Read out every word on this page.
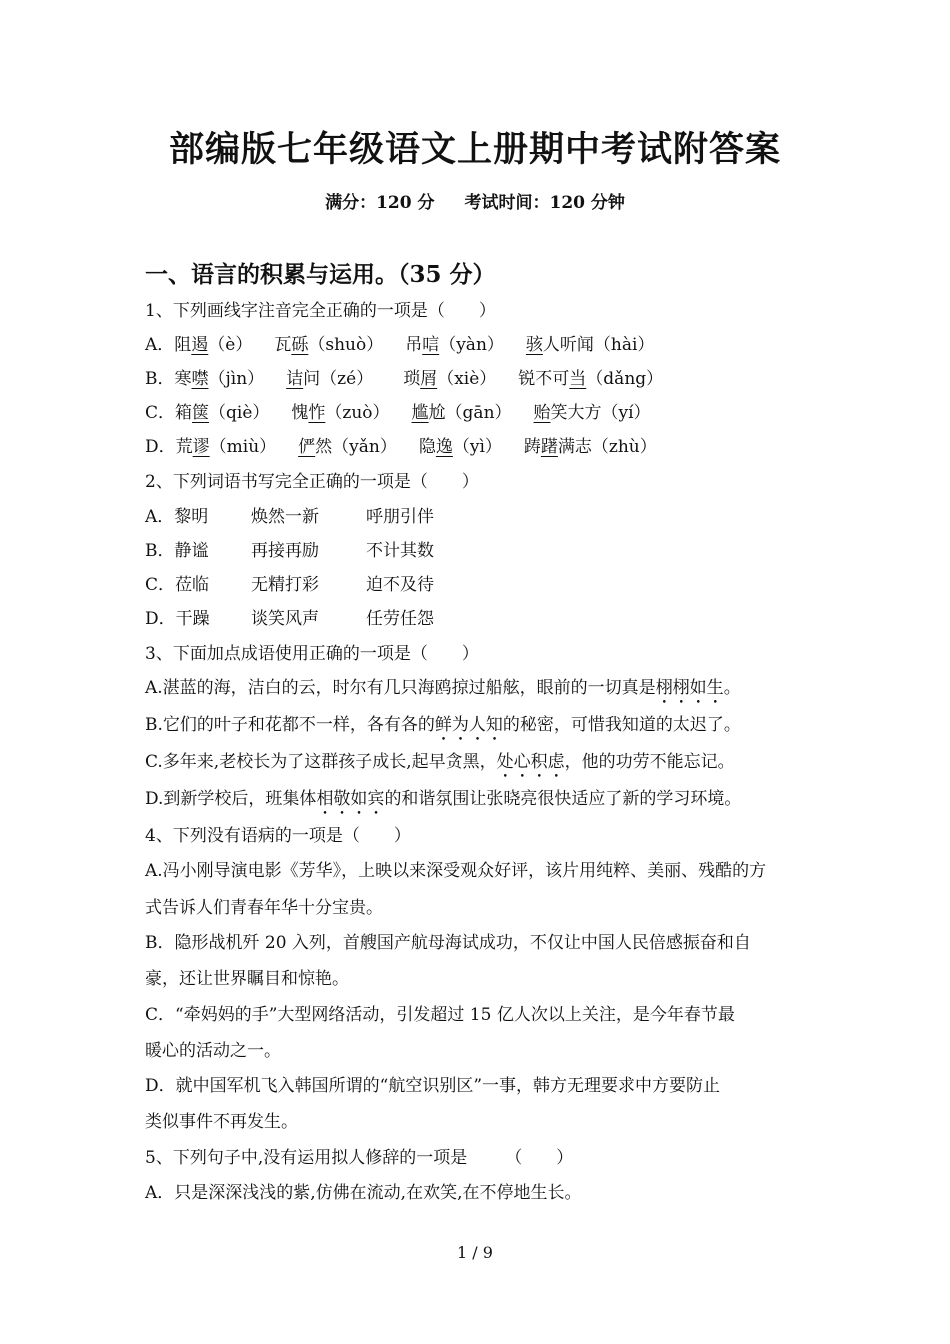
部编版七年级语文上册期中考试附答案
满分：120 分 考试时间：120 分钟
一、语言的积累与运用。（35 分）
1、下列画线字注音完全正确的一项是（　　）
A．阻遏（è） 瓦砾（shuò） 吊唁（yàn） 骇人听闻（hài）
B．寒噤（jìn） 诘问（zé） 琐屑（xiè） 锐不可当（dǎng）
C．箱箧（qiè） 愧怍（zuò） 尴尬（gān） 贻笑大方（yí）
D．荒谬（miù） 俨然（yǎn） 隐逸（yì） 踌躇满志（zhù）
2、下列词语书写完全正确的一项是（　　）
A．黎明	焕然一新	呼朋引伴
B．静谧	再接再励	不计其数
C．莅临 无精打彩	迫不及待
D．干躁 谈笑风声	任劳任怨
3、下面加点成语使用正确的一项是（　　）
A.湛蓝的海，洁白的云，时尔有几只海鸥掠过船舷，眼前的一切真是栩栩如生。
B.它们的叶子和花都不一样，各有各的鲜为人知的秘密，可惜我知道的太迟了。
C.多年来,老校长为了这群孩子成长,起早贪黑，处心积虑，他的功劳不能忘记。
D.到新学校后，班集体相敬如宾的和谐氛围让张晓亮很快适应了新的学习环境。
4、下列没有语病的一项是（　　）
A.冯小刚导演电影《芳华》，上映以来深受观众好评，该片用纯粹、美丽、残酷的方
式告诉人们青春年华十分宝贵。
B．隐形战机歼 20 入列，首艘国产航母海试成功，不仅让中国人民倍感振奋和自
豪，还让世界瞩目和惊艳。
C．“牵妈妈的手”大型网络活动，引发超过 15 亿人次以上关注，是今年春节最
暖心的活动之一。
D．就中国军机飞入韩国所谓的“航空识别区”一事，韩方无理要求中方要防止
类似事件不再发生。
5、下列句子中,没有运用拟人修辞的一项是 （　　）
A．只是深深浅浅的紫,仿佛在流动,在欢笑,在不停地生长。
1 / 9
